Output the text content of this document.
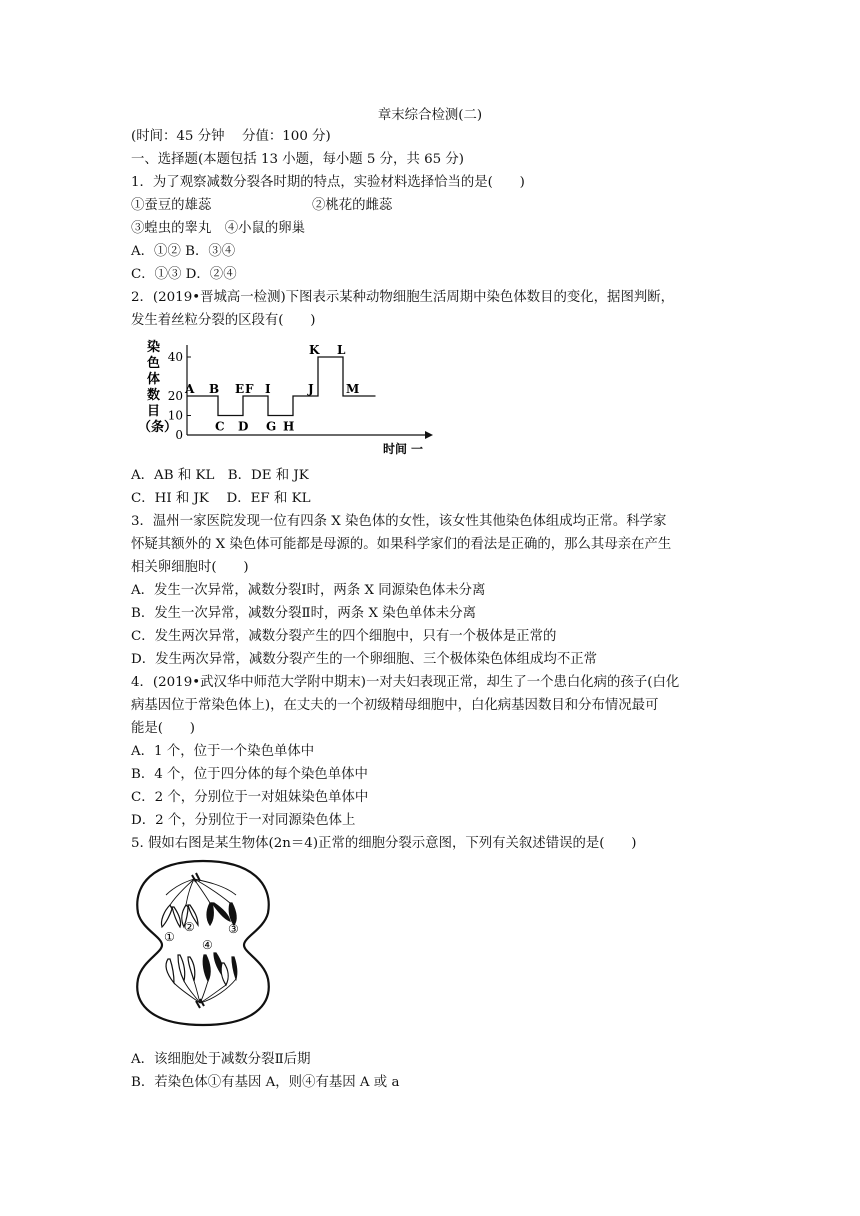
章末综合检测(二)
(时间：45 分钟　 分值：100 分)
一、选择题(本题包括 13 小题，每小题 5 分，共 65 分)
1．为了观察减数分裂各时期的特点，实验材料选择恰当的是(　　)
①蚕豆的雄蕊	②桃花的雌蕊
③蝗虫的睾丸　④小鼠的卵巢
A．①② B．③④
C．①③ D．②④
2．(2019•晋城高一检测)下图表示某种动物细胞生活周期中染色体数目的变化，据图判断，
发生着丝粒分裂的区段有(　　)
染
色
体
数
目
（条）
0
10
20
40
A B E F I	J
K L
M
C D G H
时间 一
A．AB 和 KL　B．DE 和 JK
C．HI 和 JK　 D．EF 和 KL
3．温州一家医院发现一位有四条 X 染色体的女性，该女性其他染色体组成均正常。科学家
怀疑其额外的 X 染色体可能都是母源的。如果科学家们的看法是正确的，那么其母亲在产生
相关卵细胞时(　　)
A．发生一次异常，减数分裂Ⅰ时，两条 X 同源染色体未分离
B．发生一次异常，减数分裂Ⅱ时，两条 X 染色单体未分离
C．发生两次异常，减数分裂产生的四个细胞中，只有一个极体是正常的
D．发生两次异常，减数分裂产生的一个卵细胞、三个极体染色体组成均不正常
4．(2019•武汉华中师范大学附中期末)一对夫妇表现正常，却生了一个患白化病的孩子(白化
病基因位于常染色体上)，在丈夫的一个初级精母细胞中，白化病基因数目和分布情况最可
能是(　　)
A．1 个，位于一个染色单体中
B．4 个，位于四分体的每个染色单体中
C．2 个，分别位于一对姐妹染色单体中
D．2 个，分别位于一对同源染色体上
5. 假如右图是某生物体(2n＝4)正常的细胞分裂示意图，下列有关叙述错误的是(　　)
①
②	③
④
A．该细胞处于减数分裂Ⅱ后期
B．若染色体①有基因 A，则④有基因 A 或 a
